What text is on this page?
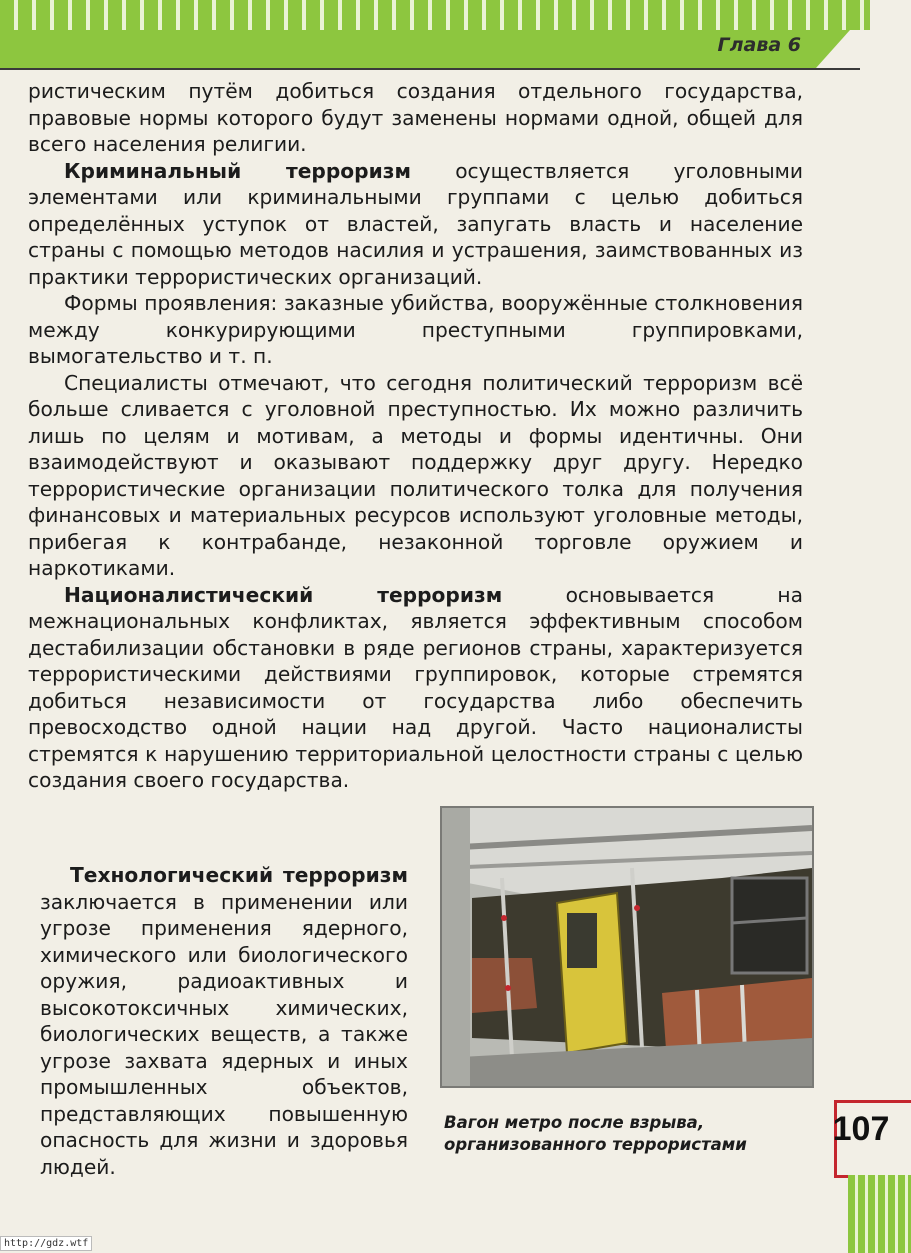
Глава 6

ристическим путём добиться создания отдельного государства, правовые нормы которого будут заменены нормами одной, общей для всего населения религии.

Криминальный терроризм осуществляется уголовными элементами или криминальными группами с целью добиться определённых уступок от властей, запугать власть и население страны с помощью методов насилия и устрашения, заимствованных из практики террористических организаций.

Формы проявления: заказные убийства, вооружённые столкновения между конкурирующими преступными группировками, вымогательство и т. п.

Специалисты отмечают, что сегодня политический терроризм всё больше сливается с уголовной преступностью. Их можно различить лишь по целям и мотивам, а методы и формы идентичны. Они взаимодействуют и оказывают поддержку друг другу. Нередко террористические организации политического толка для получения финансовых и материальных ресурсов используют уголовные методы, прибегая к контрабанде, незаконной торговле оружием и наркотиками.

Националистический терроризм основывается на межнациональных конфликтах, является эффективным способом дестабилизации обстановки в ряде регионов страны, характеризуется террористическими действиями группировок, которые стремятся добиться независимости от государства либо обеспечить превосходство одной нации над другой. Часто националисты стремятся к нарушению территориальной целостности страны с целью создания своего государства.

Технологический терроризм заключается в применении или угрозе применения ядерного, химического или биологического оружия, радиоактивных и высокотоксичных химических, биологических веществ, а также угрозе захвата ядерных и иных промышленных объектов, представляющих повышенную опасность для жизни и здоровья людей.

Вагон метро после взрыва, организованного террористами	107
http://gdz.wtf
